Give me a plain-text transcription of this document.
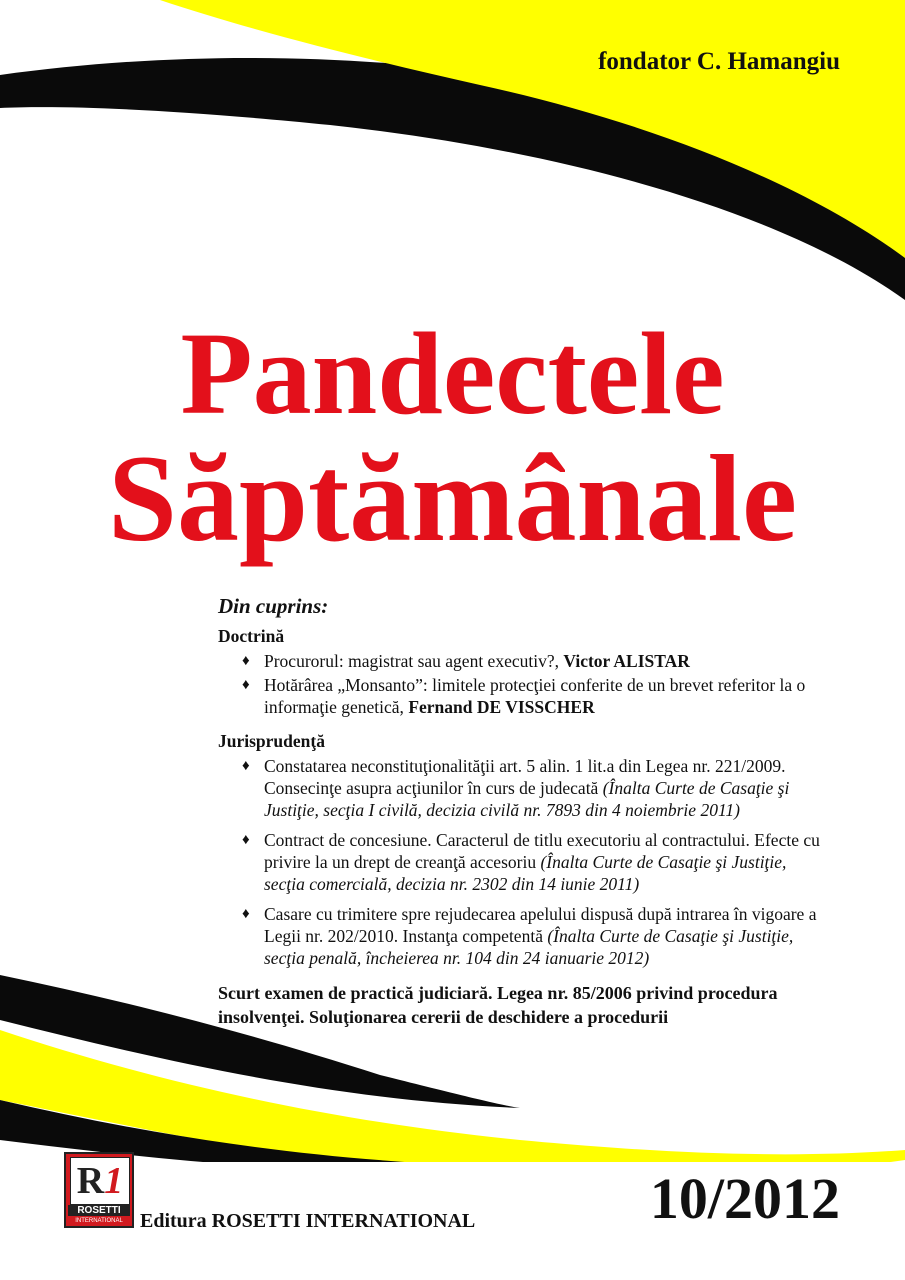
fondator C. Hamangiu
Pandectele
Săptămânale
Din cuprins:
Doctrină
♦ Procurorul: magistrat sau agent executiv?, Victor ALISTAR
♦ Hotărârea „Monsanto”: limitele protecţiei conferite de un brevet referitor la o informaţie genetică, Fernand DE VISSCHER
Jurisprudenţă
♦ Constatarea neconstituţionalităţii art. 5 alin. 1 lit.a din Legea nr. 221/2009. Consecinţe asupra acţiunilor în curs de judecată (Înalta Curte de Casaţie şi Justiţie, secţia I civilă, decizia civilă nr. 7893 din 4 noiembrie 2011)
♦ Contract de concesiune. Caracterul de titlu executoriu al contractului. Efecte cu privire la un drept de creanţă accesoriu (Înalta Curte de Casaţie şi Justiţie, secţia comercială, decizia nr. 2302 din 14 iunie 2011)
♦ Casare cu trimitere spre rejudecarea apelului dispusă după intrarea în vigoare a Legii nr. 202/2010. Instanţa competentă (Înalta Curte de Casaţie şi Justiţie, secţia penală, încheierea nr. 104 din 24 ianuarie 2012)
Scurt examen de practică judiciară. Legea nr. 85/2006 privind procedura insolvenţei. Soluţionarea cererii de deschidere a procedurii
R 1
ROSETTI
INTERNATIONAL Editura ROSETTI INTERNATIONAL	10/2012
